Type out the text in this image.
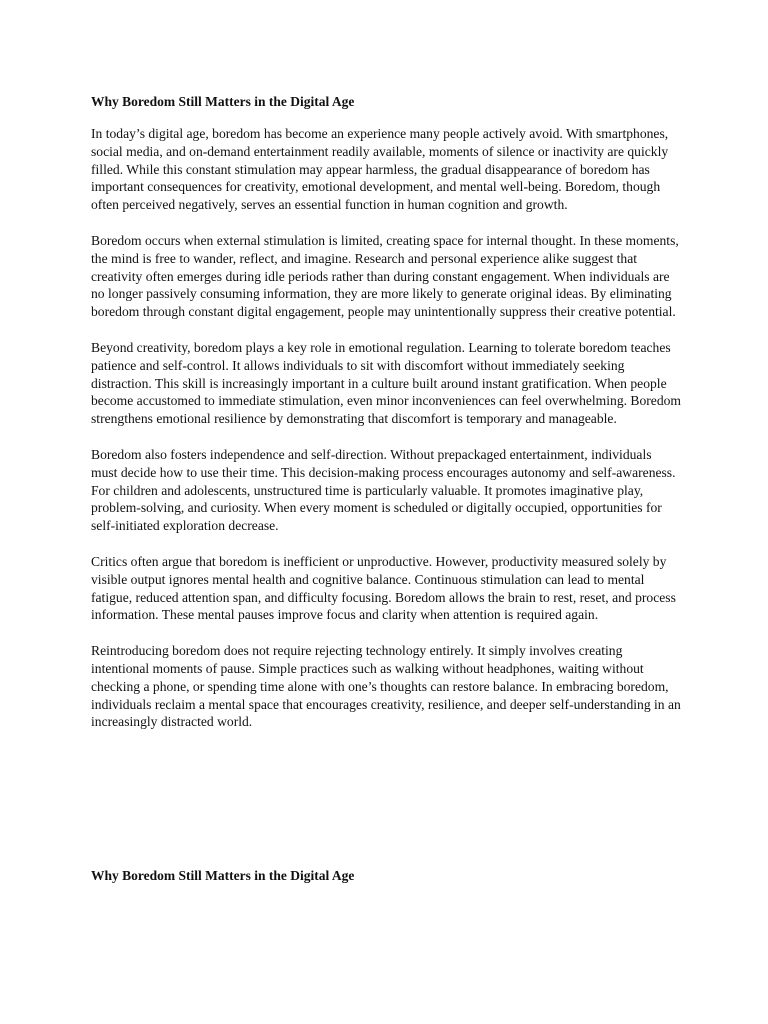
Why Boredom Still Matters in the Digital Age

In today’s digital age, boredom has become an experience many people actively avoid. With smartphones, social media, and on-demand entertainment readily available, moments of silence or inactivity are quickly filled. While this constant stimulation may appear harmless, the gradual disappearance of boredom has important consequences for creativity, emotional development, and mental well-being. Boredom, though often perceived negatively, serves an essential function in human cognition and growth.

Boredom occurs when external stimulation is limited, creating space for internal thought. In these moments, the mind is free to wander, reflect, and imagine. Research and personal experience alike suggest that creativity often emerges during idle periods rather than during constant engagement. When individuals are no longer passively consuming information, they are more likely to generate original ideas. By eliminating boredom through constant digital engagement, people may unintentionally suppress their creative potential.

Beyond creativity, boredom plays a key role in emotional regulation. Learning to tolerate boredom teaches patience and self-control. It allows individuals to sit with discomfort without immediately seeking distraction. This skill is increasingly important in a culture built around instant gratification. When people become accustomed to immediate stimulation, even minor inconveniences can feel overwhelming. Boredom strengthens emotional resilience by demonstrating that discomfort is temporary and manageable.

Boredom also fosters independence and self-direction. Without prepackaged entertainment, individuals must decide how to use their time. This decision-making process encourages autonomy and self-awareness. For children and adolescents, unstructured time is particularly valuable. It promotes imaginative play, problem-solving, and curiosity. When every moment is scheduled or digitally occupied, opportunities for self-initiated exploration decrease.

Critics often argue that boredom is inefficient or unproductive. However, productivity measured solely by visible output ignores mental health and cognitive balance. Continuous stimulation can lead to mental fatigue, reduced attention span, and difficulty focusing. Boredom allows the brain to rest, reset, and process information. These mental pauses improve focus and clarity when attention is required again.

Reintroducing boredom does not require rejecting technology entirely. It simply involves creating intentional moments of pause. Simple practices such as walking without headphones, waiting without checking a phone, or spending time alone with one’s thoughts can restore balance. In embracing boredom, individuals reclaim a mental space that encourages creativity, resilience, and deeper self-understanding in an increasingly distracted world.

Why Boredom Still Matters in the Digital Age
